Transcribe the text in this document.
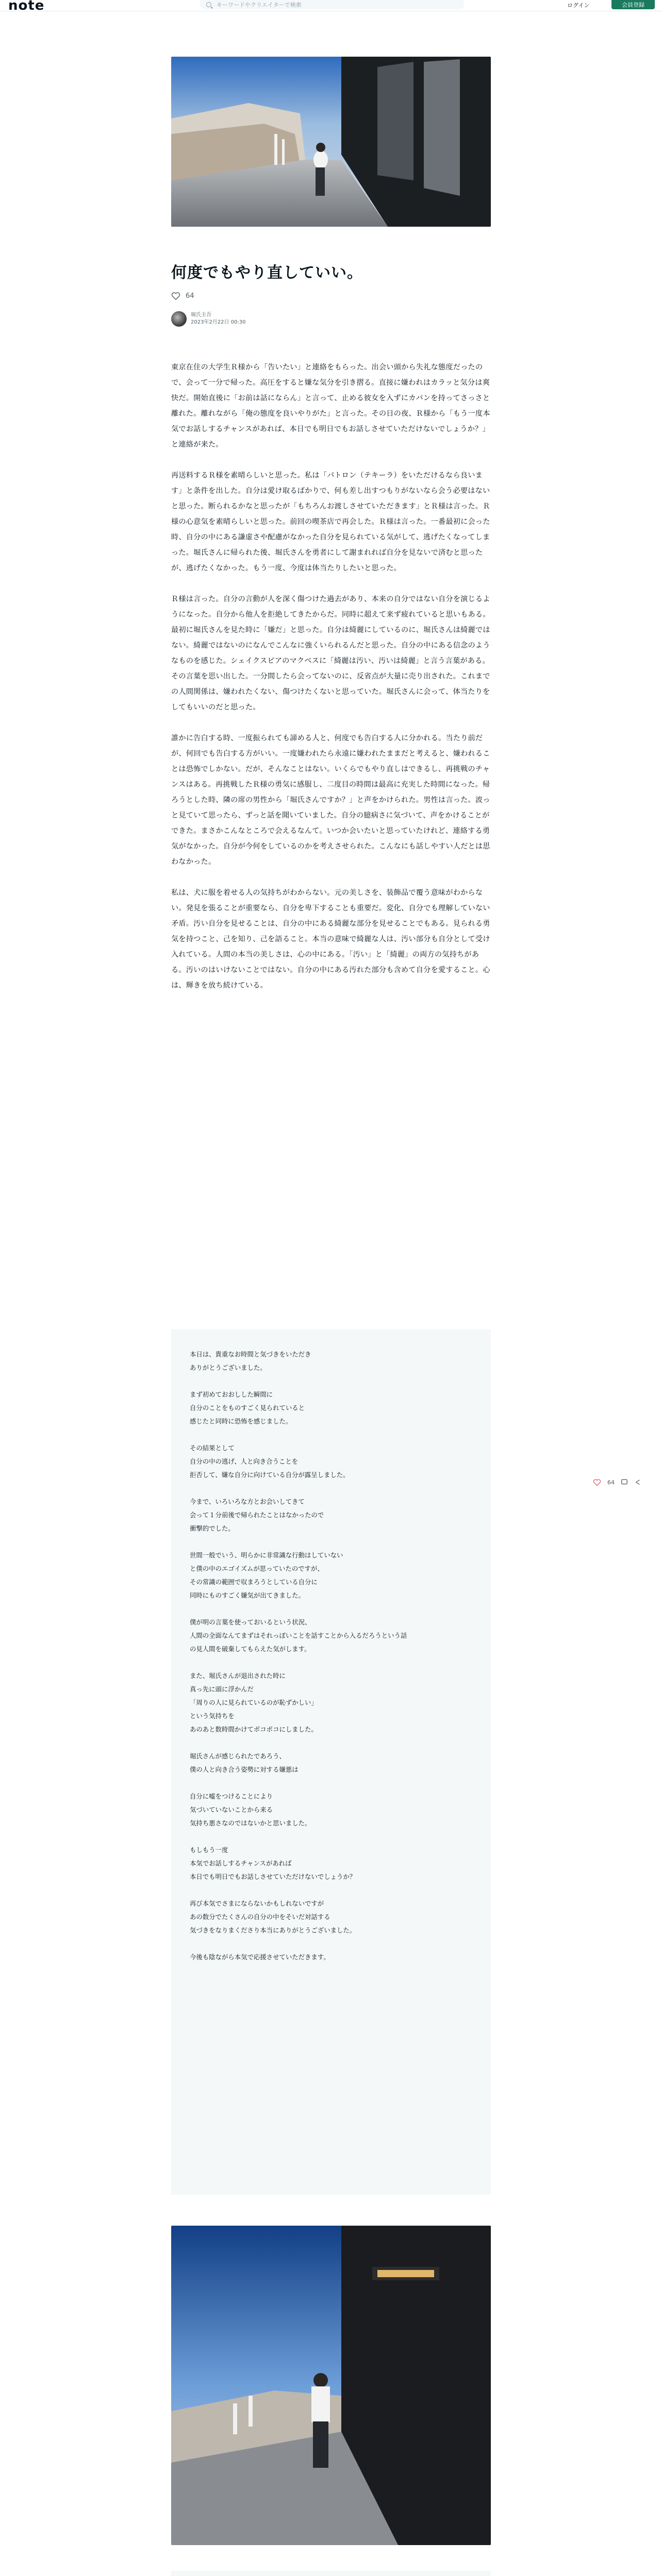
note	キーワードやクリエイターで検索	ログイン	会員登録
何度でもやり直していい。
64
堀氏圭吾
2023年2月22日 00:30

東京在住の大学生Ｒ様から「告いたい」と連絡をもらった。出会い頭から失礼な態度だったので、会って一分で帰った。高圧をすると嫌な気分を引き摺る。直接に嫌われはカラッと気分は爽快だ。開始直後に「お前は話にならん」と言って、止める彼女を入ずにカバンを持ってさっさと離れた。離れながら「俺の態度を良いやりがた」と言った。その日の夜、Ｒ様から「もう一度本気でお話しするチャンスがあれば、本日でも明日でもお話しさせていただけないでしょうか？」と連絡が来た。

再送料するＲ様を素晴らしいと思った。私は「パトロン（テキーラ）をいただけるなら良います」と条件を出した。自分は愛け取るばかりで、何も差し出すつもりがないなら会う必要はないと思った。断られるかなと思ったが「もちろんお渡しさせていただきます」とＲ様は言った。Ｒ様の心意気を素晴らしいと思った。前回の喫茶店で再会した。Ｒ様は言った。一番最初に会った時、自分の中にある謙虚さや配慮がなかった自分を見られている気がして、逃げたくなってしまった。堀氏さんに帰られた後、堀氏さんを勇者にして謝まれれば自分を見ないで済むと思ったが、逃げたくなかった。もう一度、今度は体当たりしたいと思った。

Ｒ様は言った。自分の言動が人を深く傷つけた過去があり、本来の自分ではない自分を演じるようになった。自分から他人を拒絶してきたからだ。同時に超えて来ず疲れていると思いもある。最初に堀氏さんを見た時に「嫌だ」と思った。自分は綺麗にしているのに、堀氏さんは綺麗ではない。綺麗ではないのになんでこんなに強くいられるんだと思った。自分の中にある信念のようなものを感じた。シェイクスピアのマクベスに「綺麗は汚い、汚いは綺麗」と言う言葉がある。その言葉を思い出した。一分間したら会ってないのに、反省点が大量に売り出された。これまでの人間関係は、嫌われたくない、傷つけたくないと思っていた。堀氏さんに会って、体当たりをしてもいいのだと思った。

誰かに告白する時、一度振られても諦める人と、何度でも告白する人に分かれる。当たり前だが、何回でも告白する方がいい。一度嫌われたら永遠に嫌われたままだと考えると、嫌われることは恐怖でしかない。だが、そんなことはない。いくらでもやり直しはできるし、再挑戦のチャンスはある。再挑戦したＲ様の勇気に感服し、二度目の時間は最高に充実した時間になった。帰ろうとした時、隣の席の男性から「堀氏さんですか？」と声をかけられた。男性は言った。波っと見ていて思ったら、ずっと話を聞いていました。自分の臆病さに気づいて、声をかけることができた。まさかこんなところで会えるなんて。いつか会いたいと思っていたけれど、連絡する勇気がなかった。自分が今何をしているのかを考えさせられた。こんなにも話しやすい人だとは思わなかった。

私は、犬に服を着せる人の気持ちがわからない。元の美しさを、装飾品で覆う意味がわからない。発見を張ることが重要なら、自分を卑下することも重要だ。変化、自分でも理解していない矛盾。汚い自分を見せることは、自分の中にある綺麗な部分を見せることでもある。見られる勇気を持つこと、己を知り、己を語ること。本当の意味で綺麗な人は、汚い部分も自分として受け入れている。人間の本当の美しさは、心の中にある。「汚い」と「綺麗」の両方の気持ちがある。汚いのはいけないことではない。自分の中にある汚れた部分も含めて自分を愛すること。心は、輝きを放ち続けている。

本日は、貴重なお時間と気づきをいただき
ありがとうございました。

まず初めておおしした瞬間に
自分のことをものすごく見られていると
感じたと同時に恐怖を感じました。

その結果として
自分の中の逃げ、人と向き合うことを
拒否して、嫌な自分に向けている自分が露呈しました。

今まで、いろいろな方とお会いしてきて
会って１分前後で帰られたことはなかったので
衝撃的でした。

世間一般でいう、明らかに非常識な行動はしていない
と僕の中のエゴイズムが思っていたのですが、
その常識の範囲で収まろうとしている自分に
同時にものすごく嫌気が出てきました。

僕が明の言葉を使っておいるという状況、
人間の全面なんてまずはそれっぽいことを話すことから入るだろうという話
の見人間を破棄してもらえた気がします。

また、堀氏さんが退出された時に
真っ先に頭に浮かんだ
「周りの人に見られているのが恥ずかしい」
という気持ちを
あのあと数時間かけてボコボコにしました。

堀氏さんが感じられたであろう、
僕の人と向き合う姿勢に対する嫌悪は

自分に嘘をつけることにより
気づいていないことから来る
気持ち悪さなのではないかと思いました。

もしもう一度
本気でお話しするチャンスがあれば
本日でも明日でもお話しさせていただけないでしょうか？

再び本気でさまにならないかもしれないですが
あの数分でたくさんの自分の中をそいだ対話する
気づきをなりまくださり本当にありがとうございました。

今後も陰ながら本気で応援させていただきます。

64
